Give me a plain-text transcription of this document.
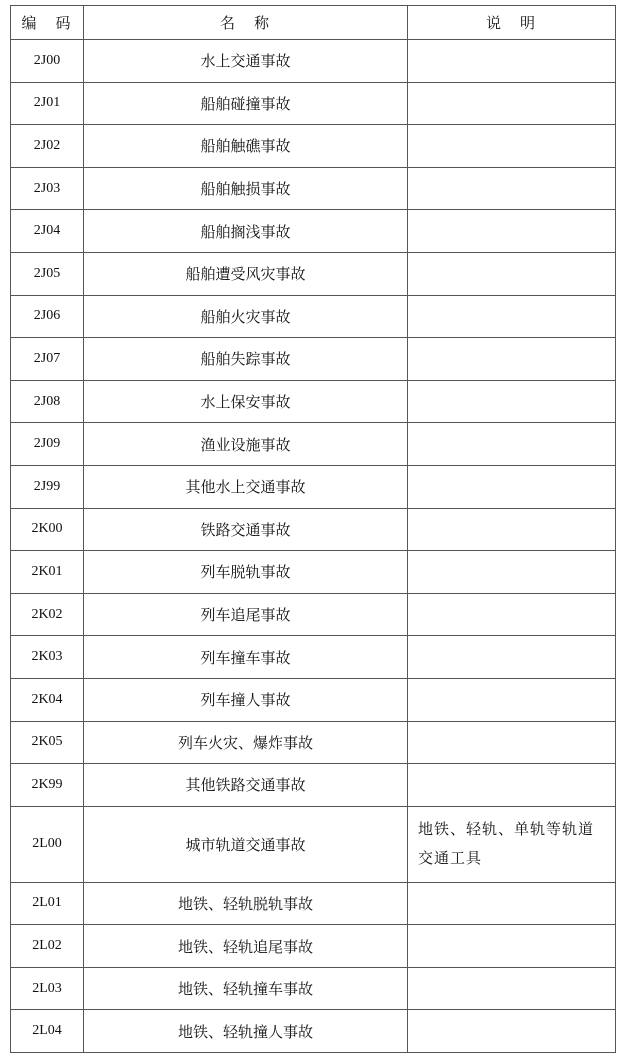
编　码	名　称	说　明
2J00	水上交通事故	
2J01	船舶碰撞事故	
2J02	船舶触礁事故	
2J03	船舶触损事故	
2J04	船舶搁浅事故	
2J05	船舶遭受风灾事故	
2J06	船舶火灾事故	
2J07	船舶失踪事故	
2J08	水上保安事故	
2J09	渔业设施事故	
2J99	其他水上交通事故	
2K00	铁路交通事故	
2K01	列车脱轨事故	
2K02	列车追尾事故	
2K03	列车撞车事故	
2K04	列车撞人事故	
2K05	列车火灾、爆炸事故	
2K99	其他铁路交通事故	
2L00	城市轨道交通事故	地铁、轻轨、单轨等轨道交通工具
2L01	地铁、轻轨脱轨事故	
2L02	地铁、轻轨追尾事故	
2L03	地铁、轻轨撞车事故	
2L04	地铁、轻轨撞人事故	
